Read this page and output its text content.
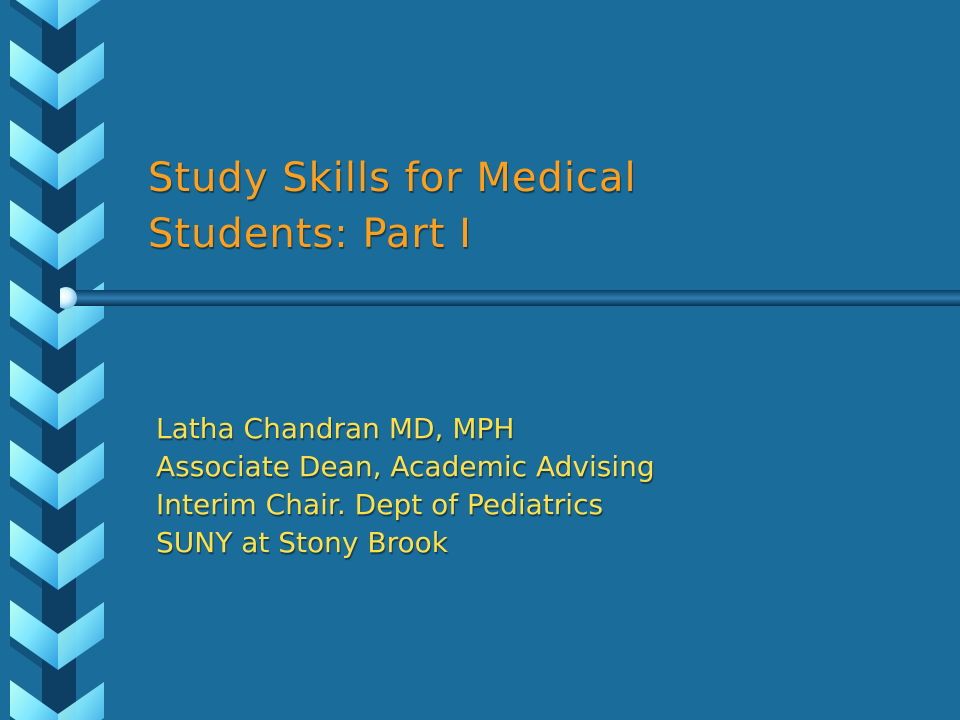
Study Skills for Medical
Students: Part I
Latha Chandran MD, MPH
Associate Dean, Academic Advising
Interim Chair. Dept of Pediatrics
SUNY at Stony Brook
